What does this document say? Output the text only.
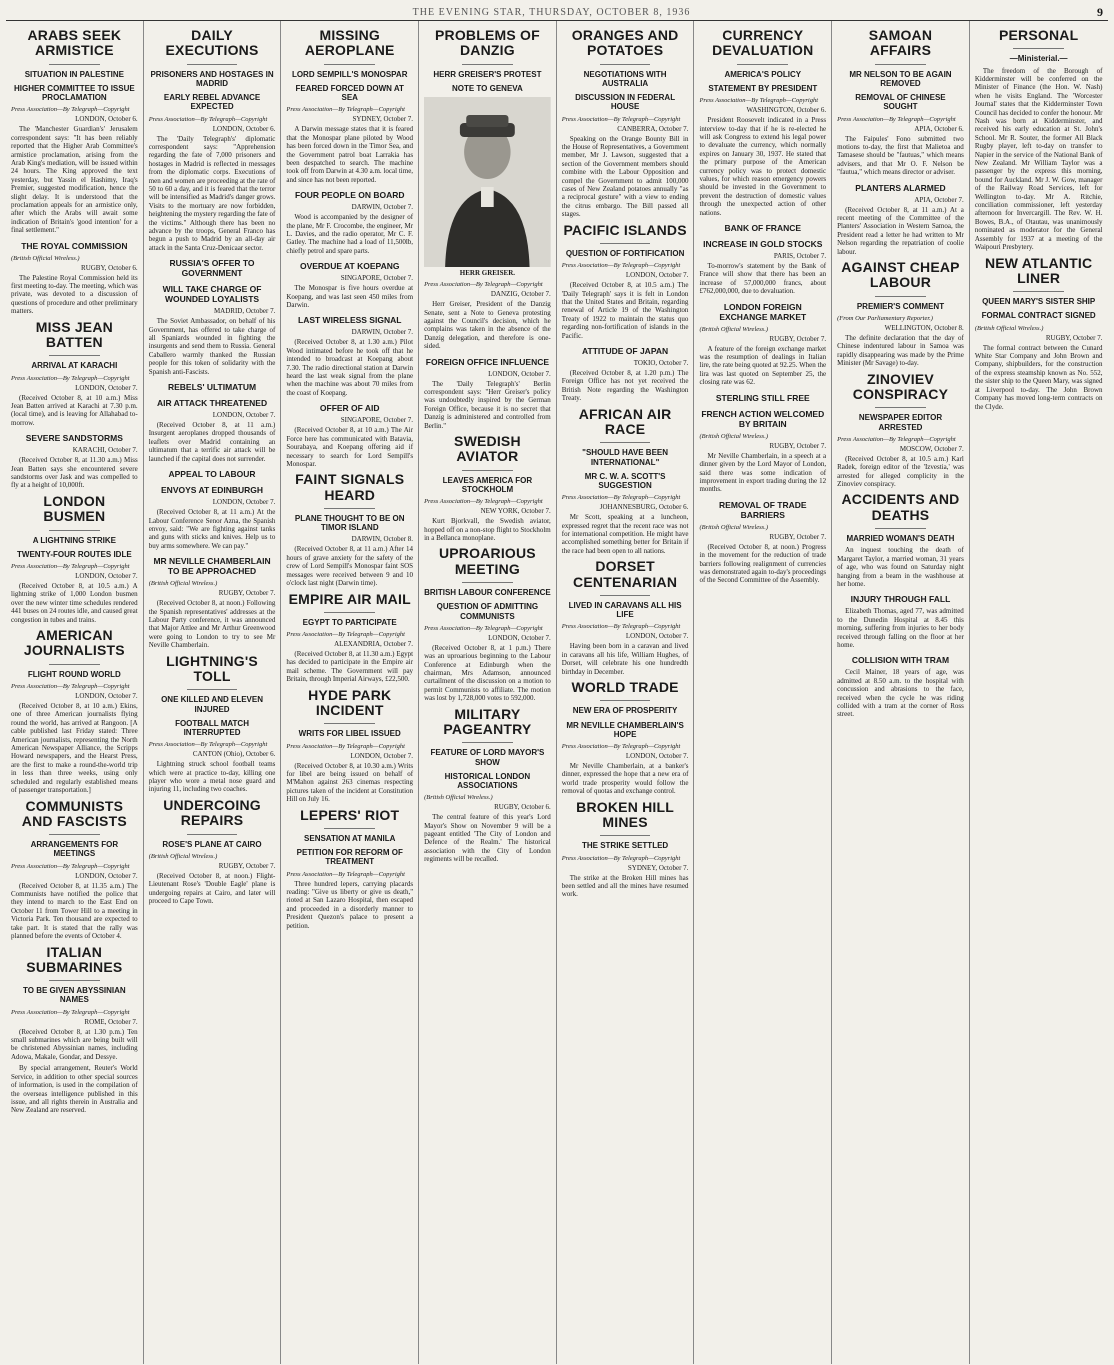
THE EVENING STAR, THURSDAY, OCTOBER 8, 1936	9
ARABS SEEK ARMISTICE
SITUATION IN PALESTINE
HIGHER COMMITTEE TO ISSUE PROCLAMATION
Press Association—By Telegraph—Copyright
LONDON, October 6.

The 'Manchester Guardian's' Jerusalem correspondent says: "It has been reliably reported that the Higher Arab Committee's armistice proclamation, arising from the Arab King's mediation, will be issued within 24 hours. The King approved the text yesterday, but Yassin el Hashimy, Iraq's Premier, suggested modification, hence the slight delay. It is understood that the proclamation appeals for an armistice only, after which the Arabs will await some indication of Britain's 'good intention' for a final settlement."

THE ROYAL COMMISSION
(British Official Wireless.)
RUGBY, October 6.

The Palestine Royal Commission held its first meeting to-day. The meeting, which was private, was devoted to a discussion of questions of procedure and other preliminary matters.

MISS JEAN BATTEN
ARRIVAL AT KARACHI
Press Association—By Telegraph—Copyright
LONDON, October 7.

(Received October 8, at 10 a.m.) Miss Jean Batten arrived at Karachi at 7.30 p.m. (local time), and is leaving for Allahabad to-morrow.

SEVERE SANDSTORMS
KARACHI, October 7.

(Received October 8, at 11.30 a.m.) Miss Jean Batten says she encountered severe sandstorms over Jask and was compelled to fly at a height of 10,000ft.

LONDON BUSMEN
A LIGHTNING STRIKE
TWENTY-FOUR ROUTES IDLE
Press Association—By Telegraph—Copyright
LONDON, October 7.

(Received October 8, at 10.5 a.m.) A lightning strike of 1,000 London busmen over the new winter time schedules rendered 441 buses on 24 routes idle, and caused great congestion in tubes and trains.

AMERICAN JOURNALISTS
FLIGHT ROUND WORLD
Press Association—By Telegraph—Copyright
LONDON, October 7.

(Received October 8, at 10 a.m.) Ekins, one of three American journalists flying round the world, has arrived at Rangoon. [A cable published last Friday stated: Three American journalists, representing the North American Newspaper Alliance, the Scripps Howard newspapers, and the Hearst Press, are the first to make a round-the-world trip in less than three weeks, using only scheduled and regularly established means of passenger transportation.]

COMMUNISTS AND FASCISTS
ARRANGEMENTS FOR MEETINGS
Press Association—By Telegraph—Copyright
LONDON, October 7.

(Received October 8, at 11.35 a.m.) The Communists have notified the police that they intend to march to the East End on October 11 from Tower Hill to a meeting in Victoria Park. Ten thousand are expected to take part. It is stated that the rally was planned before the events of October 4.

ITALIAN SUBMARINES
TO BE GIVEN ABYSSINIAN NAMES
Press Association—By Telegraph—Copyright
ROME, October 7.

(Received October 8, at 1.30 p.m.) Ten small submarines which are being built will be christened Abyssinian names, including Adowa, Makale, Gondar, and Dessye.

By special arrangement, Reuter's World Service, in addition to other special sources of information, is used in the compilation of the overseas intelligence published in this issue, and all rights therein in Australia and New Zealand are reserved.

DAILY EXECUTIONS
PRISONERS AND HOSTAGES IN MADRID
EARLY REBEL ADVANCE EXPECTED
Press Association—By Telegraph—Copyright
LONDON, October 6.

The 'Daily Telegraph's' diplomatic correspondent says: "Apprehension regarding the fate of 7,000 prisoners and hostages in Madrid is reflected in messages from the diplomatic corps. Executions of men and women are proceeding at the rate of 50 to 60 a day, and it is feared that the terror will be intensified as Madrid's danger grows. Visits to the mortuary are now forbidden, heightening the mystery regarding the fate of the victims." Although there has been no advance by the troops, General Franco has begun a push to Madrid by an all-day air attack in the Santa Cruz-Denicaar sector.

RUSSIA'S OFFER TO GOVERNMENT
WILL TAKE CHARGE OF WOUNDED LOYALISTS
MADRID, October 7.

The Soviet Ambassador, on behalf of his Government, has offered to take charge of all Spaniards wounded in fighting the insurgents and send them to Russia. General Caballero warmly thanked the Russian people for this token of solidarity with the Spanish anti-Fascists.

REBELS' ULTIMATUM
AIR ATTACK THREATENED
LONDON, October 7.

(Received October 8, at 11 a.m.) Insurgent aeroplanes dropped thousands of leaflets over Madrid containing an ultimatum that a terrific air attack will be launched if the capital does not surrender.

APPEAL TO LABOUR
ENVOYS AT EDINBURGH
LONDON, October 7.

(Received October 8, at 11 a.m.) At the Labour Conference Senor Azna, the Spanish envoy, said: "We are fighting against tanks and guns with sticks and knives. Help us to buy arms somewhere. We can pay."

MR NEVILLE CHAMBERLAIN TO BE APPROACHED
(British Official Wireless.)
RUGBY, October 7.

(Received October 8, at noon.) Following the Spanish representatives' addresses at the Labour Party conference, it was announced that Major Attlee and Mr Arthur Greenwood were going to London to try to see Mr Neville Chamberlain.

LIGHTNING'S TOLL
ONE KILLED AND ELEVEN INJURED
FOOTBALL MATCH INTERRUPTED
Press Association—By Telegraph—Copyright
CANTON (Ohio), October 6.

Lightning struck school football teams which were at practice to-day, killing one player who wore a metal nose guard and injuring 11, including two coaches.

UNDERCOING REPAIRS
ROSE'S PLANE AT CAIRO
(British Official Wireless.)
RUGBY, October 7.

(Received October 8, at noon.) Flight-Lieutenant Rose's 'Double Eagle' plane is undergoing repairs at Cairo, and later will proceed to Cape Town.

MISSING AEROPLANE
LORD SEMPILL'S MONOSPAR
FEARED FORCED DOWN AT SEA
Press Association—By Telegraph—Copyright
SYDNEY, October 7.

A Darwin message states that it is feared that the Monospar plane piloted by Wood has been forced down in the Timor Sea, and the Government patrol boat Larrakia has been despatched to search. The machine took off from Darwin at 4.30 a.m. local time, and since has not been reported.

FOUR PEOPLE ON BOARD
DARWIN, October 7.

Wood is accompanied by the designer of the plane, Mr F. Crocombe, the engineer, Mr L. Davies, and the radio operator, Mr C. F. Gatley. The machine had a load of 11,500lb, chiefly petrol and spare parts.

OVERDUE AT KOEPANG
SINGAPORE, October 7.

The Monospar is five hours overdue at Koepang, and was last seen 450 miles from Darwin.

LAST WIRELESS SIGNAL
DARWIN, October 7.

(Received October 8, at 1.30 a.m.) Pilot Wood intimated before he took off that he intended to broadcast at Koepang about 7.30. The radio directional station at Darwin heard the last weak signal from the plane when the machine was about 70 miles from the coast of Koepang.

OFFER OF AID
SINGAPORE, October 7.

(Received October 8, at 10 a.m.) The Air Force here has communicated with Batavia, Sourabaya, and Koepang offering aid if necessary to search for Lord Sempill's Monospar.

FAINT SIGNALS HEARD
PLANE THOUGHT TO BE ON TIMOR ISLAND
DARWIN, October 8.

(Received October 8, at 11 a.m.) After 14 hours of grave anxiety for the safety of the crew of Lord Sempill's Monospar faint SOS messages were received between 9 and 10 o'clock last night (Darwin time).

EMPIRE AIR MAIL
EGYPT TO PARTICIPATE
Press Association—By Telegraph—Copyright
ALEXANDRIA, October 7.

(Received October 8, at 11.30 a.m.) Egypt has decided to participate in the Empire air mail scheme. The Government will pay Britain, through Imperial Airways, £22,500.

HYDE PARK INCIDENT
WRITS FOR LIBEL ISSUED
Press Association—By Telegraph—Copyright
LONDON, October 7.

(Received October 8, at 10.30 a.m.) Writs for libel are being issued on behalf of M'Mahon against 263 cinemas respecting pictures taken of the incident at Constitution Hill on July 16.

LEPERS' RIOT
SENSATION AT MANILA
PETITION FOR REFORM OF TREATMENT
Press Association—By Telegraph—Copyright

Three hundred lepers, carrying placards reading: "Give us liberty or give us death," rioted at San Lazaro Hospital, then escaped and proceeded in a disorderly manner to President Quezon's palace to present a petition.

PROBLEMS OF DANZIG
HERR GREISER'S PROTEST
NOTE TO GENEVA
HERR GREISER.
Press Association—By Telegraph—Copyright
DANZIG, October 7.

Herr Greiser, President of the Danzig Senate, sent a Note to Geneva protesting against the Council's decision, which he complains was taken in the absence of the Danzig delegation, and therefore is one-sided.

FOREIGN OFFICE INFLUENCE
LONDON, October 7.

The 'Daily Telegraph's' Berlin correspondent says: "Herr Greiser's policy was undoubtedly inspired by the German Foreign Office, because it is no secret that Danzig is administered and controlled from Berlin."

SWEDISH AVIATOR
LEAVES AMERICA FOR STOCKHOLM
Press Association—By Telegraph—Copyright
NEW YORK, October 7.

Kurt Bjorkvall, the Swedish aviator, hopped off on a non-stop flight to Stockholm in a Bellanca monoplane.

UPROARIOUS MEETING
BRITISH LABOUR CONFERENCE
QUESTION OF ADMITTING COMMUNISTS
Press Association—By Telegraph—Copyright
LONDON, October 7.

(Received October 8, at 1 p.m.) There was an uproarious beginning to the Labour Conference at Edinburgh when the chairman, Mrs Adamson, announced curtailment of the discussion on a motion to permit Communists to affiliate. The motion was lost by 1,728,000 votes to 592,000.

MILITARY PAGEANTRY
FEATURE OF LORD MAYOR'S SHOW
HISTORICAL LONDON ASSOCIATIONS
(British Official Wireless.)
RUGBY, October 6.

The central feature of this year's Lord Mayor's Show on November 9 will be a pageant entitled 'The City of London and Defence of the Realm.' The historical association with the City of London regiments will be recalled.

ORANGES AND POTATOES
NEGOTIATIONS WITH AUSTRALIA
DISCUSSION IN FEDERAL HOUSE
Press Association—By Telegraph—Copyright
CANBERRA, October 7.

Speaking on the Orange Bounty Bill in the House of Representatives, a Government member, Mr J. Lawson, suggested that a section of the Government members should combine with the Labour Opposition and compel the Government to admit 100,000 cases of New Zealand potatoes annually "as a reciprocal gesture" with a view to ending the citrus embargo. The Bill passed all stages.

PACIFIC ISLANDS
QUESTION OF FORTIFICATION
Press Association—By Telegraph—Copyright
LONDON, October 7.

(Received October 8, at 10.5 a.m.) The 'Daily Telegraph' says it is felt in London that the United States and Britain, regarding renewal of Article 19 of the Washington Treaty of 1922 to maintain the status quo regarding non-fortification of islands in the Pacific.

ATTITUDE OF JAPAN
TOKIO, October 7.

(Received October 8, at 1.20 p.m.) The Foreign Office has not yet received the British Note regarding the Washington Treaty.

AFRICAN AIR RACE
"SHOULD HAVE BEEN INTERNATIONAL"
MR C. W. A. SCOTT'S SUGGESTION
Press Association—By Telegraph—Copyright
JOHANNESBURG, October 6.

Mr Scott, speaking at a luncheon, expressed regret that the recent race was not for international competition. He might have accomplished something better for Britain if the race had been open to all nations.

DORSET CENTENARIAN
LIVED IN CARAVANS ALL HIS LIFE
Press Association—By Telegraph—Copyright
LONDON, October 7.

Having been born in a caravan and lived in caravans all his life, William Hughes, of Dorset, will celebrate his one hundredth birthday in December.

WORLD TRADE
NEW ERA OF PROSPERITY
MR NEVILLE CHAMBERLAIN'S HOPE
Press Association—By Telegraph—Copyright
LONDON, October 7.

Mr Neville Chamberlain, at a banker's dinner, expressed the hope that a new era of world trade prosperity would follow the removal of quotas and exchange control.

BROKEN HILL MINES
THE STRIKE SETTLED
Press Association—By Telegraph—Copyright
SYDNEY, October 7.

The strike at the Broken Hill mines has been settled and all the mines have resumed work.

CURRENCY DEVALUATION
AMERICA'S POLICY
STATEMENT BY PRESIDENT
Press Association—By Telegraph—Copyright
WASHINGTON, October 6.

President Roosevelt indicated in a Press interview to-day that if he is re-elected he will ask Congress to extend his legal power to devaluate the currency, which normally expires on January 30, 1937. He stated that the primary purpose of the American currency policy was to protect domestic values, for which reason emergency powers should be invested in the Government to prevent the destruction of domestic values through the unexpected action of other nations.

BANK OF FRANCE
INCREASE IN GOLD STOCKS
PARIS, October 7.

To-morrow's statement by the Bank of France will show that there has been an increase of 57,000,000 francs, about £762,000,000, due to devaluation.

LONDON FOREIGN EXCHANGE MARKET
(British Official Wireless.)
RUGBY, October 7.

A feature of the foreign exchange market was the resumption of dealings in Italian lire, the rate being quoted at 92.25. When the lira was last quoted on September 25, the closing rate was 62.

STERLING STILL FREE
FRENCH ACTION WELCOMED BY BRITAIN
(British Official Wireless.)
RUGBY, October 7.

Mr Neville Chamberlain, in a speech at a dinner given by the Lord Mayor of London, said there was some indication of improvement in export trading during the 12 months.

REMOVAL OF TRADE BARRIERS
(British Official Wireless.)
RUGBY, October 7.

(Received October 8, at noon.) Progress in the movement for the reduction of trade barriers following realignment of currencies was demonstrated again to-day's proceedings of the Second Committee of the Assembly.

SAMOAN AFFAIRS
MR NELSON TO BE AGAIN REMOVED
REMOVAL OF CHINESE SOUGHT
Press Association—By Telegraph—Copyright
APIA, October 6.

The Faipules' Fono submitted two motions to-day, the first that Malietoa and Tamasese should be "fautuas," which means advisers, and that Mr O. F. Nelson be "fautua," which means director or adviser.

PLANTERS ALARMED
APIA, October 7.

(Received October 8, at 11 a.m.) At a recent meeting of the Committee of the Planters' Association in Western Samoa, the President read a letter he had written to Mr Nelson regarding the repatriation of coolie labour.

AGAINST CHEAP LABOUR
PREMIER'S COMMENT
(From Our Parliamentary Reporter.)
WELLINGTON, October 8.

The definite declaration that the day of Chinese indentured labour in Samoa was rapidly disappearing was made by the Prime Minister (Mr Savage) to-day.

ZINOVIEV CONSPIRACY
NEWSPAPER EDITOR ARRESTED
Press Association—By Telegraph—Copyright
MOSCOW, October 7.

(Received October 8, at 10.5 a.m.) Karl Radek, foreign editor of the 'Izvestia,' was arrested for alleged complicity in the Zinoviev conspiracy.

ACCIDENTS AND DEATHS
MARRIED WOMAN'S DEATH

An inquest touching the death of Margaret Taylor, a married woman, 31 years of age, who was found on Saturday night hanging from a beam in the washhouse at her home.

INJURY THROUGH FALL

Elizabeth Thomas, aged 77, was admitted to the Dunedin Hospital at 8.45 this morning, suffering from injuries to her body received through falling on the floor at her home.

COLLISION WITH TRAM

Cecil Mainer, 18 years of age, was admitted at 8.50 a.m. to the hospital with concussion and abrasions to the face, received when the cycle he was riding collided with a tram at the corner of Ross street.

PERSONAL
—Ministerial.—

The freedom of the Borough of Kidderminster will be conferred on the Minister of Finance (the Hon. W. Nash) when he visits England. The 'Worcester Journal' states that the Kidderminster Town Council has decided to confer the honour. Mr Nash was born at Kidderminster, and received his early education at St. John's School. Mr R. Souter, the former All Black Rugby player, left to-day on transfer to Napier in the service of the National Bank of New Zealand. Mr William Taylor was a passenger by the express this morning, bound for Auckland. Mr J. W. Gow, manager of the Railway Road Services, left for Wellington to-day. Mr A. Ritchie, conciliation commissioner, left yesterday afternoon for Invercargill. The Rev. W. H. Bowes, B.A., of Otautau, was unanimously nominated as moderator for the General Assembly for 1937 at a meeting of the Waipouri Presbytery.

NEW ATLANTIC LINER
QUEEN MARY'S SISTER SHIP
FORMAL CONTRACT SIGNED
(British Official Wireless.)
RUGBY, October 7.

The formal contract between the Cunard White Star Company and John Brown and Company, shipbuilders, for the construction of the express steamship known as No. 552, the sister ship to the Queen Mary, was signed at Liverpool to-day. The John Brown Company has moved long-term contracts on the Clyde.
